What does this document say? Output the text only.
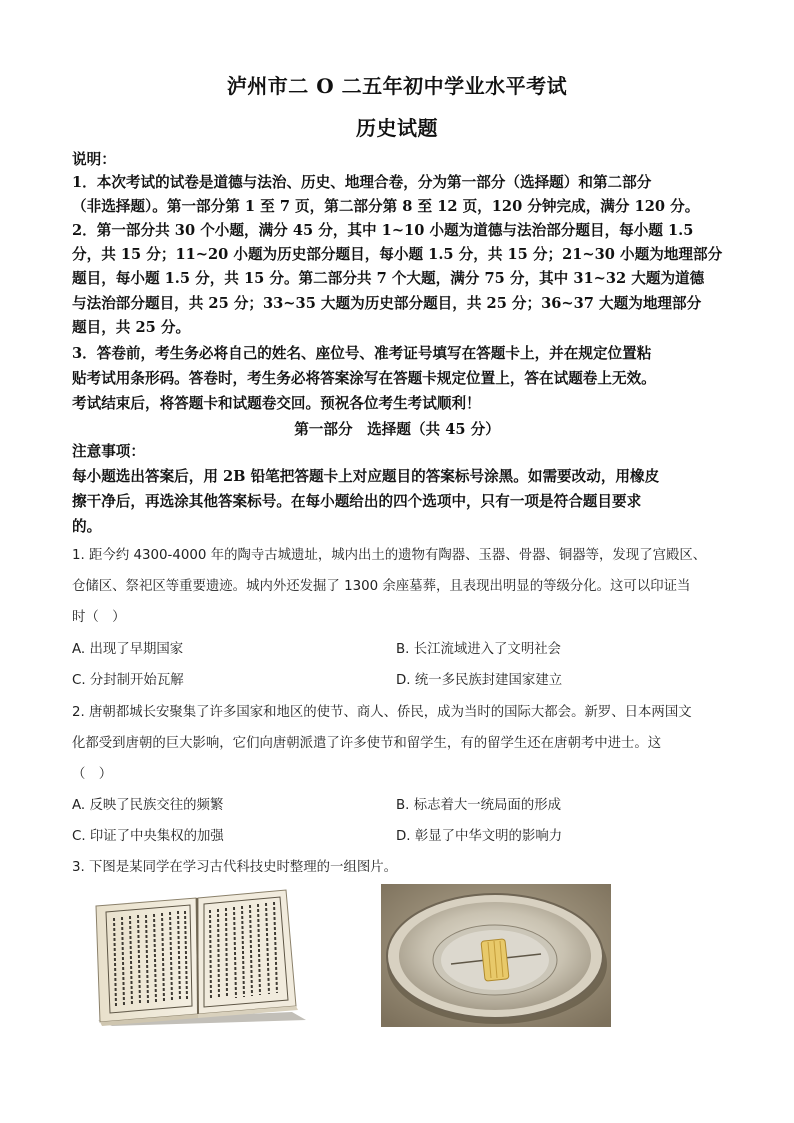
泸州市二 O 二五年初中学业水平考试
历史试题
说明：
1．本次考试的试卷是道德与法治、历史、地理合卷，分为第一部分（选择题）和第二部分
（非选择题）。第一部分第 1 至 7 页，第二部分第 8 至 12 页，120 分钟完成，满分 120 分。
2．第一部分共 30 个小题，满分 45 分，其中 1~10 小题为道德与法治部分题目，每小题 1.5
分，共 15 分；11~20 小题为历史部分题目，每小题 1.5 分，共 15 分；21~30 小题为地理部分
题目，每小题 1.5 分，共 15 分。第二部分共 7 个大题，满分 75 分，其中 31~32 大题为道德
与法治部分题目，共 25 分；33~35 大题为历史部分题目，共 25 分；36~37 大题为地理部分
题目，共 25 分。
3．答卷前，考生务必将自己的姓名、座位号、准考证号填写在答题卡上，并在规定位置粘
贴考试用条形码。答卷时，考生务必将答案涂写在答题卡规定位置上，答在试题卷上无效。
考试结束后，将答题卡和试题卷交回。预祝各位考生考试顺利！
第一部分　选择题（共 45 分）
注意事项：
每小题选出答案后，用 2B 铅笔把答题卡上对应题目的答案标号涂黑。如需要改动，用橡皮
擦干净后，再选涂其他答案标号。在每小题给出的四个选项中，只有一项是符合题目要求
的。
1. 距今约 4300-4000 年的陶寺古城遗址，城内出土的遗物有陶器、玉器、骨器、铜器等，发现了宫殿区、
仓储区、祭祀区等重要遗迹。城内外还发掘了 1300 余座墓葬，且表现出明显的等级分化。这可以印证当
时（　）
A. 出现了早期国家	B. 长江流域进入了文明社会
C. 分封制开始瓦解	D. 统一多民族封建国家建立
2. 唐朝都城长安聚集了许多国家和地区的使节、商人、侨民，成为当时的国际大都会。新罗、日本两国文
化都受到唐朝的巨大影响，它们向唐朝派遣了许多使节和留学生，有的留学生还在唐朝考中进士。这
（　）
A. 反映了民族交往的频繁	B. 标志着大一统局面的形成
C. 印证了中央集权的加强	D. 彰显了中华文明的影响力
3. 下图是某同学在学习古代科技史时整理的一组图片。
